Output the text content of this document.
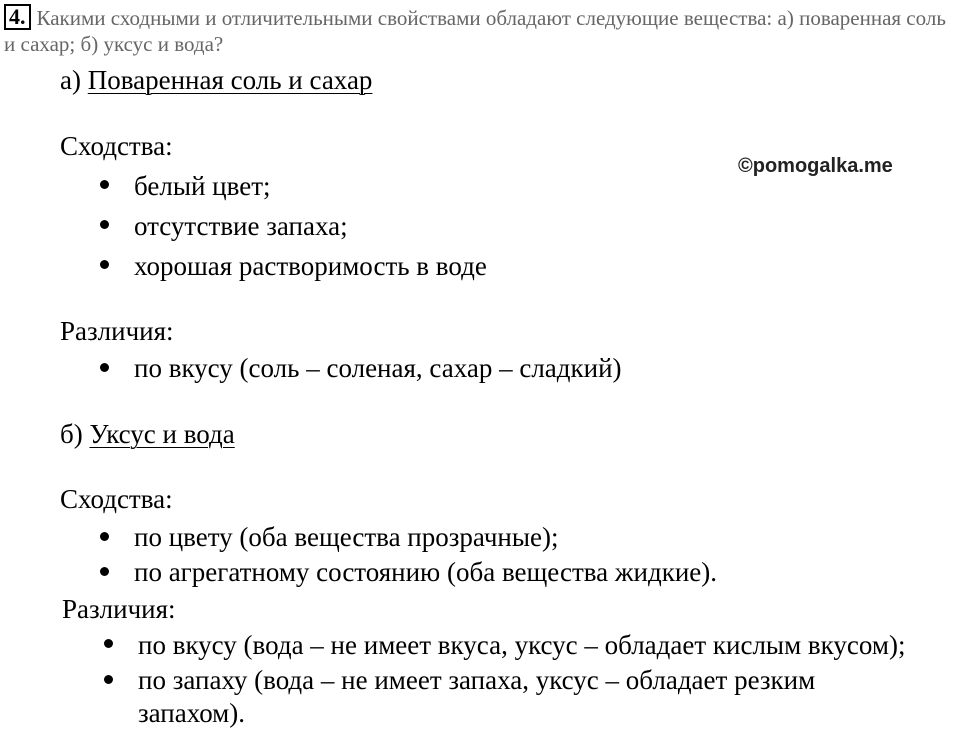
4. Какими сходными и отличительными свойствами обладают следующие вещества: а) поваренная соль и сахар; б) уксус и вода?
©pomogalka.me
а) Поваренная соль и сахар
Сходства:
белый цвет;
отсутствие запаха;
хорошая растворимость в воде
Различия:
по вкусу (соль – соленая, сахар – сладкий)
б) Уксус и вода
Сходства:
по цвету (оба вещества прозрачные);
по агрегатному состоянию (оба вещества жидкие).
Различия:
по вкусу (вода – не имеет вкуса, уксус – обладает кислым вкусом);
по запаху (вода – не имеет запаха, уксус – обладает резким
запахом).
